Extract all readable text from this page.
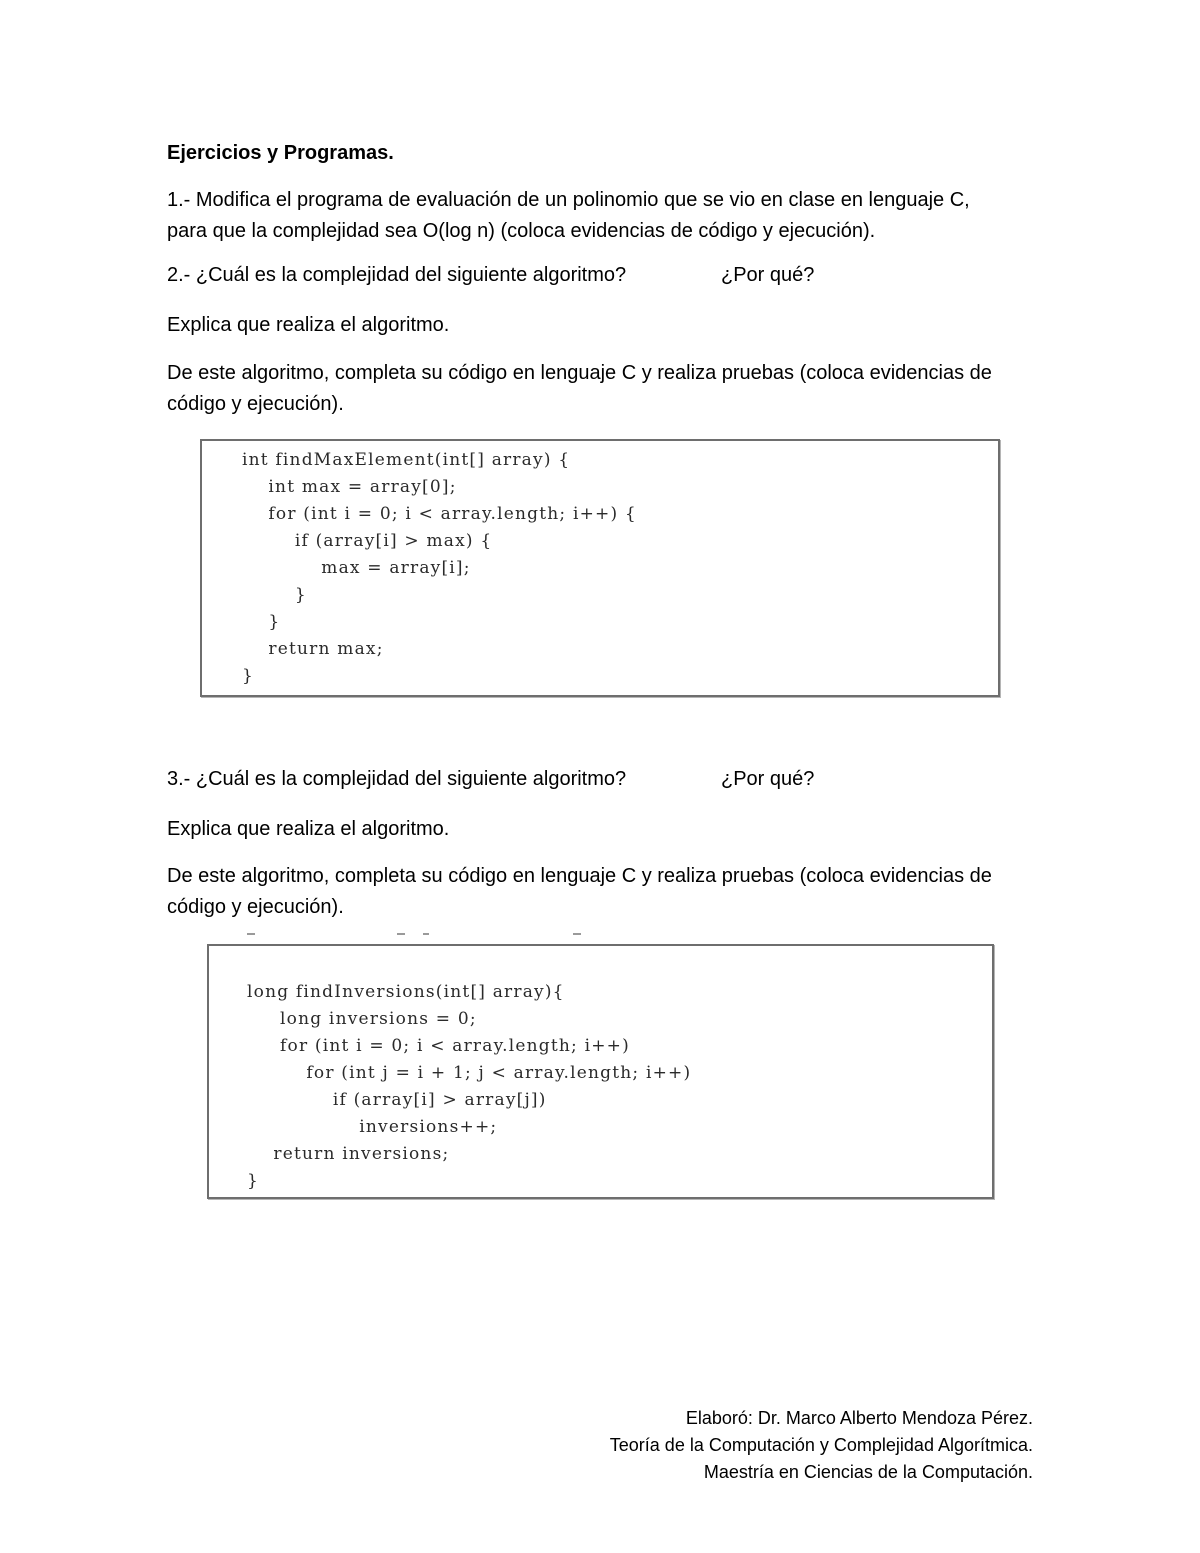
Ejercicios y Programas.
1.- Modifica el programa de evaluación de un polinomio que se vio en clase en lenguaje C,
para que la complejidad sea O(log n) (coloca evidencias de código y ejecución).
2.- ¿Cuál es la complejidad del siguiente algoritmo?	¿Por qué?
Explica que realiza el algoritmo.
De este algoritmo, completa su código en lenguaje C y realiza pruebas (coloca evidencias de
código y ejecución).
int findMaxElement(int[] array) {
int max = array[0];
for (int i = 0; i < array.length; i++) {
if (array[i] > max) {
max = array[i];
}
}
return max;
}
3.- ¿Cuál es la complejidad del siguiente algoritmo?	¿Por qué?
Explica que realiza el algoritmo.
De este algoritmo, completa su código en lenguaje C y realiza pruebas (coloca evidencias de
código y ejecución).
long findInversions(int[] array){
long inversions = 0;
for (int i = 0; i < array.length; i++)
for (int j = i + 1; j < array.length; i++)
if (array[i] > array[j])
inversions++;
return inversions;
}
Elaboró: Dr. Marco Alberto Mendoza Pérez.
Teoría de la Computación y Complejidad Algorítmica.
Maestría en Ciencias de la Computación.
